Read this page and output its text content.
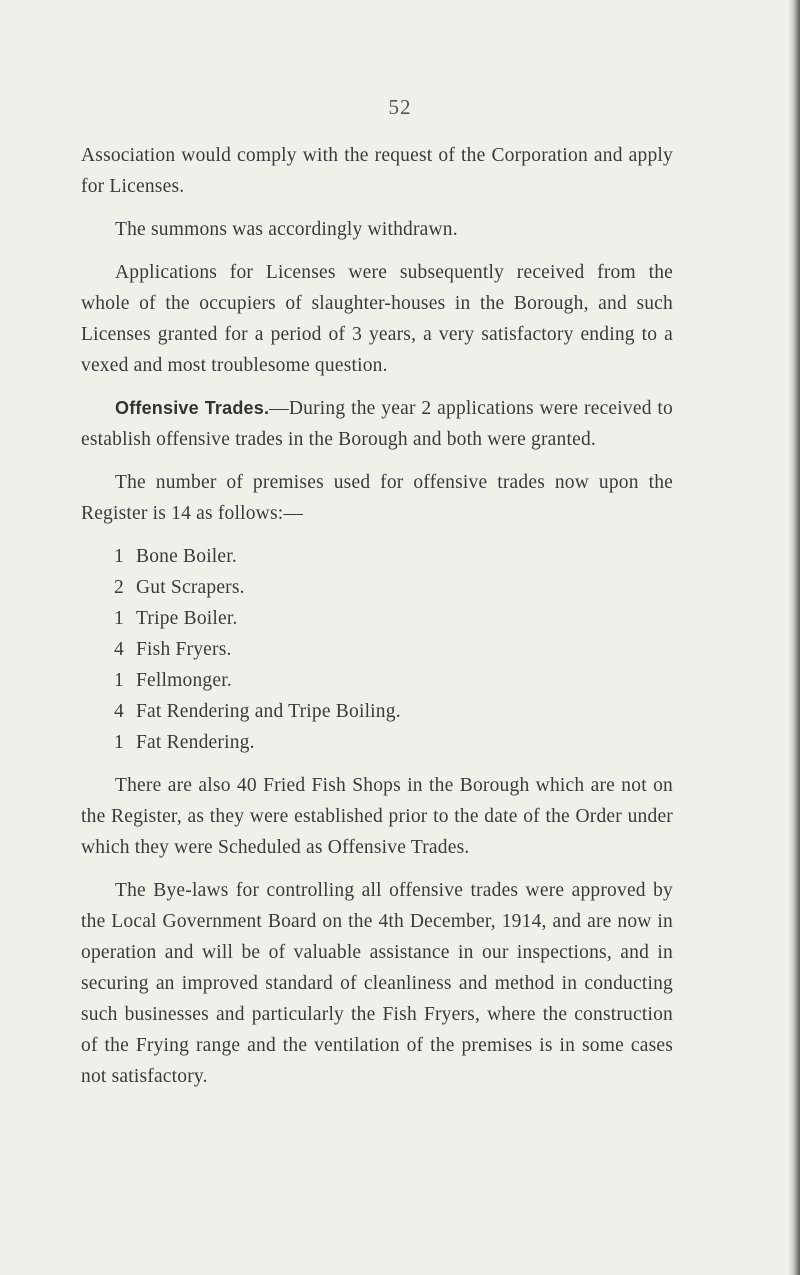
52

Association would comply with the request of the Corporation and apply for Licenses.

The summons was accordingly withdrawn.

Applications for Licenses were subsequently received from the whole of the occupiers of slaughter-houses in the Borough, and such Licenses granted for a period of 3 years, a very satisfactory ending to a vexed and most troublesome question.

Offensive Trades.—During the year 2 applications were received to establish offensive trades in the Borough and both were granted.

The number of premises used for offensive trades now upon the Register is 14 as follows:—

1 Bone Boiler.
2 Gut Scrapers.
1 Tripe Boiler.
4 Fish Fryers.
1 Fellmonger.
4 Fat Rendering and Tripe Boiling.
1 Fat Rendering.

There are also 40 Fried Fish Shops in the Borough which are not on the Register, as they were established prior to the date of the Order under which they were Scheduled as Offensive Trades.

The Bye-laws for controlling all offensive trades were approved by the Local Government Board on the 4th December, 1914, and are now in operation and will be of valuable assistance in our inspections, and in securing an improved standard of cleanliness and method in conducting such businesses and particularly the Fish Fryers, where the construction of the Frying range and the ventilation of the premises is in some cases not satisfactory.
